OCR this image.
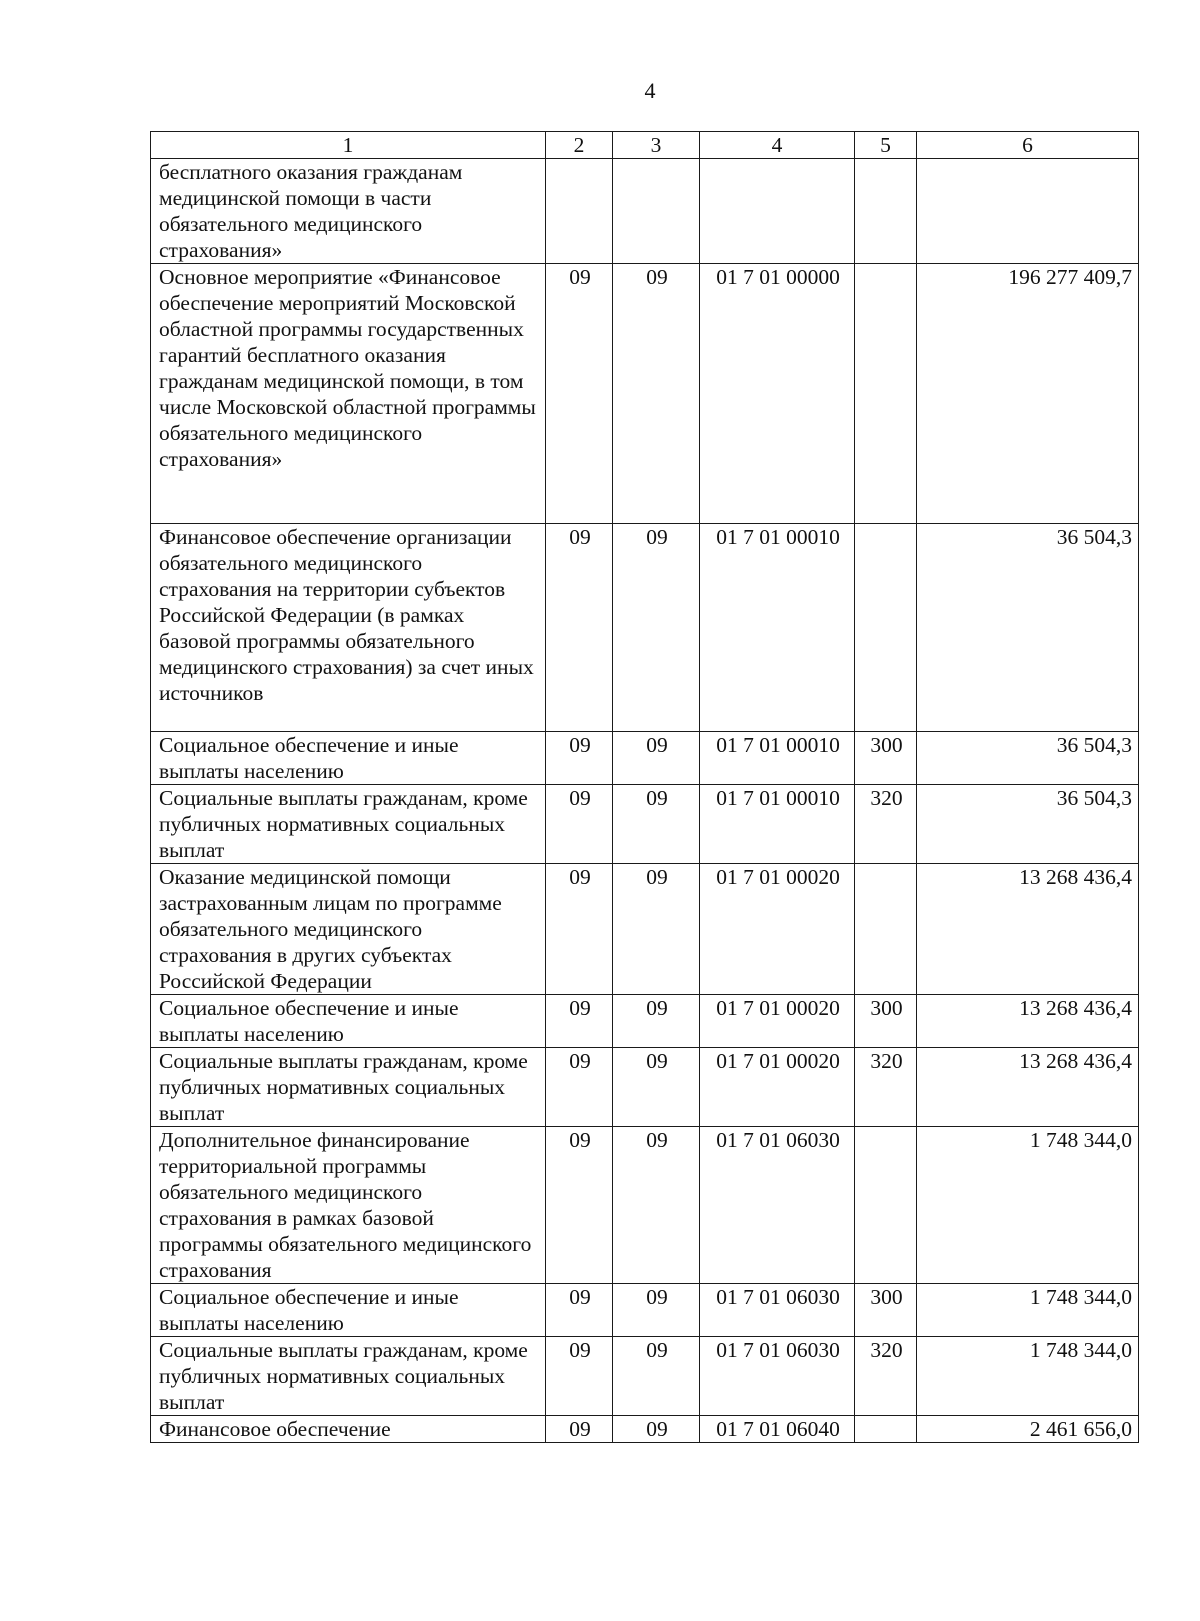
4
1	2	3	4	5	6
бесплатного оказания гражданам медицинской помощи в части обязательного медицинского страхования»					
Основное мероприятие «Финансовое обеспечение мероприятий Московской областной программы государственных гарантий бесплатного оказания гражданам медицинской помощи, в том числе Московской областной программы обязательного медицинского страхования»	09	09	01 7 01 00000		196 277 409,7
Финансовое обеспечение организации обязательного медицинского страхования на территории субъектов Российской Федерации (в рамках базовой программы обязательного медицинского страхования) за счет иных источников	09	09	01 7 01 00010		36 504,3
Социальное обеспечение и иные выплаты населению	09	09	01 7 01 00010	300	36 504,3
Социальные выплаты гражданам, кроме публичных нормативных социальных выплат	09	09	01 7 01 00010	320	36 504,3
Оказание медицинской помощи застрахованным лицам по программе обязательного медицинского страхования в других субъектах Российской Федерации	09	09	01 7 01 00020		13 268 436,4
Социальное обеспечение и иные выплаты населению	09	09	01 7 01 00020	300	13 268 436,4
Социальные выплаты гражданам, кроме публичных нормативных социальных выплат	09	09	01 7 01 00020	320	13 268 436,4
Дополнительное финансирование территориальной программы обязательного медицинского страхования в рамках базовой программы обязательного медицинского страхования	09	09	01 7 01 06030		1 748 344,0
Социальное обеспечение и иные выплаты населению	09	09	01 7 01 06030	300	1 748 344,0
Социальные выплаты гражданам, кроме публичных нормативных социальных выплат	09	09	01 7 01 06030	320	1 748 344,0
Финансовое обеспечение	09	09	01 7 01 06040		2 461 656,0
